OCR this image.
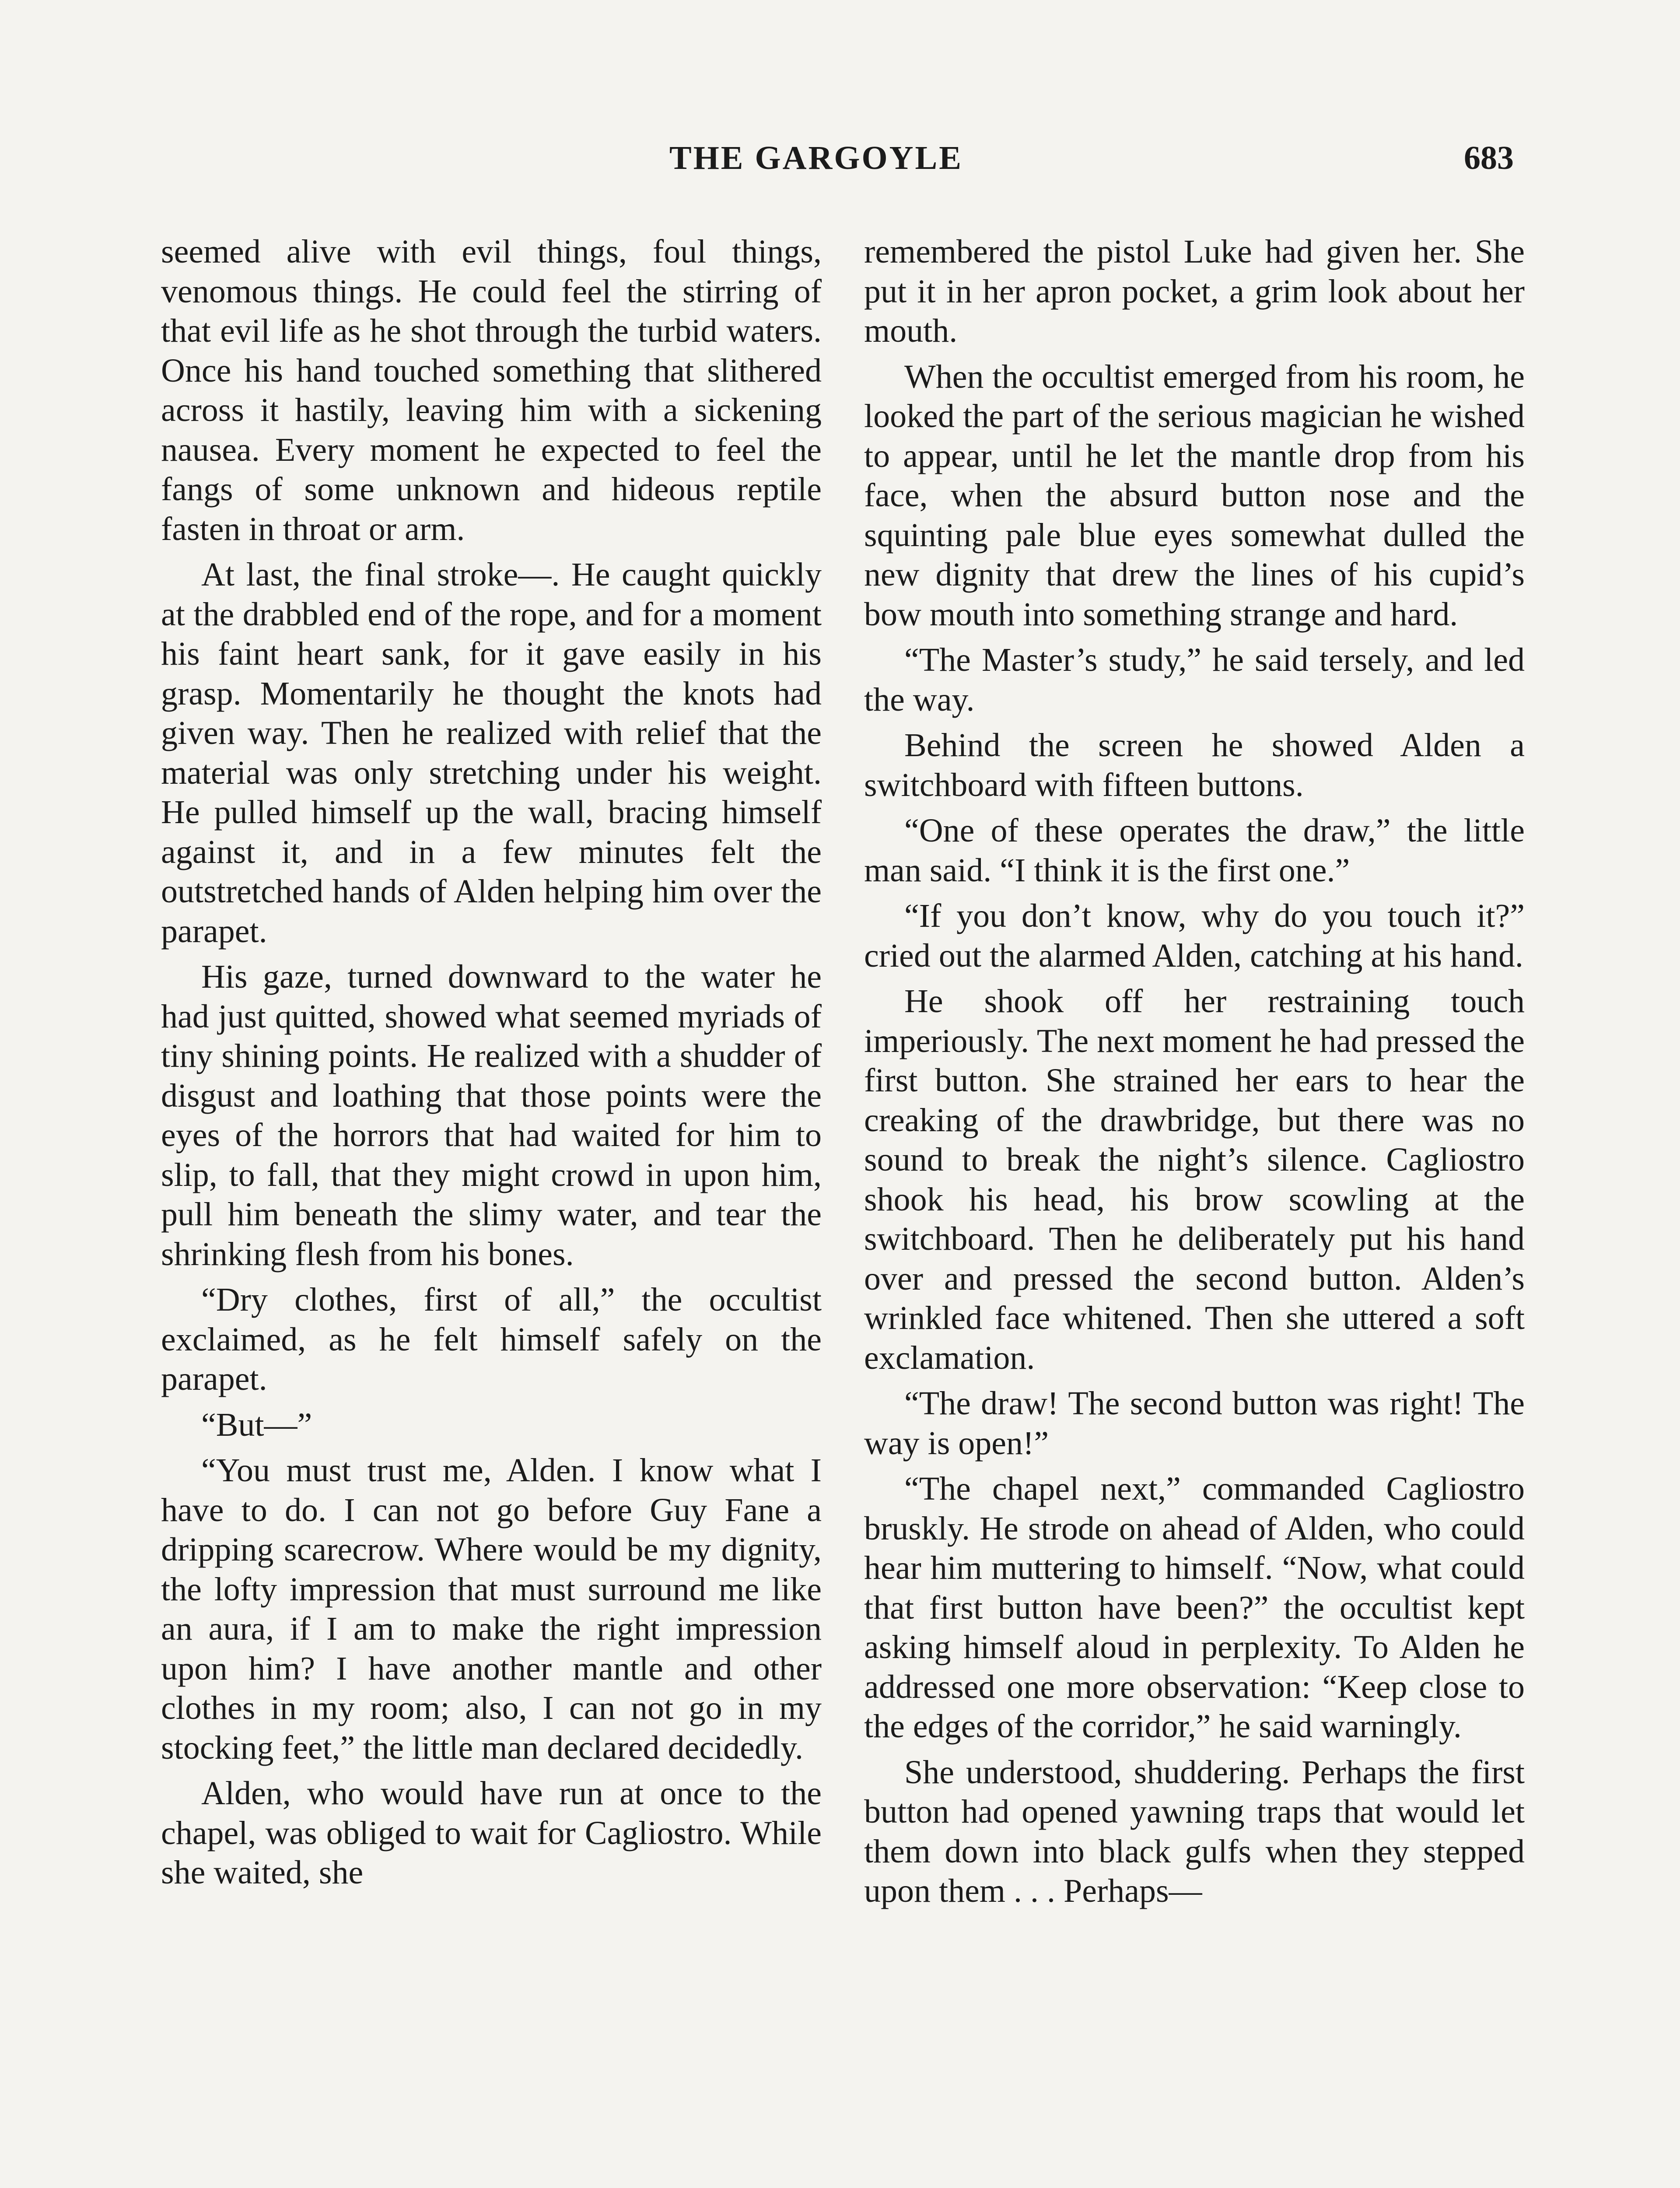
THE GARGOYLE	683

seemed alive with evil things, foul things, venomous things. He could feel the stirring of that evil life as he shot through the turbid waters. Once his hand touched something that slithered across it hastily, leaving him with a sickening nausea. Every moment he expected to feel the fangs of some unknown and hideous reptile fasten in throat or arm.

At last, the final stroke—. He caught quickly at the drabbled end of the rope, and for a moment his faint heart sank, for it gave easily in his grasp. Momentarily he thought the knots had given way. Then he realized with relief that the material was only stretching under his weight. He pulled himself up the wall, bracing himself against it, and in a few minutes felt the outstretched hands of Alden helping him over the parapet.

His gaze, turned downward to the water he had just quitted, showed what seemed myriads of tiny shining points. He realized with a shudder of disgust and loathing that those points were the eyes of the horrors that had waited for him to slip, to fall, that they might crowd in upon him, pull him beneath the slimy water, and tear the shrinking flesh from his bones.

“Dry clothes, first of all,” the occultist exclaimed, as he felt himself safely on the parapet.

“But—”

“You must trust me, Alden. I know what I have to do. I can not go before Guy Fane a dripping scarecrow. Where would be my dignity, the lofty impression that must surround me like an aura, if I am to make the right impression upon him? I have another mantle and other clothes in my room; also, I can not go in my stocking feet,” the little man declared decidedly.

Alden, who would have run at once to the chapel, was obliged to wait for Cagliostro. While she waited, she

remembered the pistol Luke had given her. She put it in her apron pocket, a grim look about her mouth.

When the occultist emerged from his room, he looked the part of the serious magician he wished to appear, until he let the mantle drop from his face, when the absurd button nose and the squinting pale blue eyes somewhat dulled the new dignity that drew the lines of his cupid’s bow mouth into something strange and hard.

“The Master’s study,” he said tersely, and led the way.

Behind the screen he showed Alden a switchboard with fifteen buttons.

“One of these operates the draw,” the little man said. “I think it is the first one.”

“If you don’t know, why do you touch it?” cried out the alarmed Alden, catching at his hand.

He shook off her restraining touch imperiously. The next moment he had pressed the first button. She strained her ears to hear the creaking of the drawbridge, but there was no sound to break the night’s silence. Cagliostro shook his head, his brow scowling at the switchboard. Then he deliberately put his hand over and pressed the second button. Alden’s wrinkled face whitened. Then she uttered a soft exclamation.

“The draw! The second button was right! The way is open!”

“The chapel next,” commanded Cagliostro bruskly. He strode on ahead of Alden, who could hear him muttering to himself. “Now, what could that first button have been?” the occultist kept asking himself aloud in perplexity. To Alden he addressed one more observation: “Keep close to the edges of the corridor,” he said warningly.

She understood, shuddering. Perhaps the first button had opened yawning traps that would let them down into black gulfs when they stepped upon them . . . Perhaps—
